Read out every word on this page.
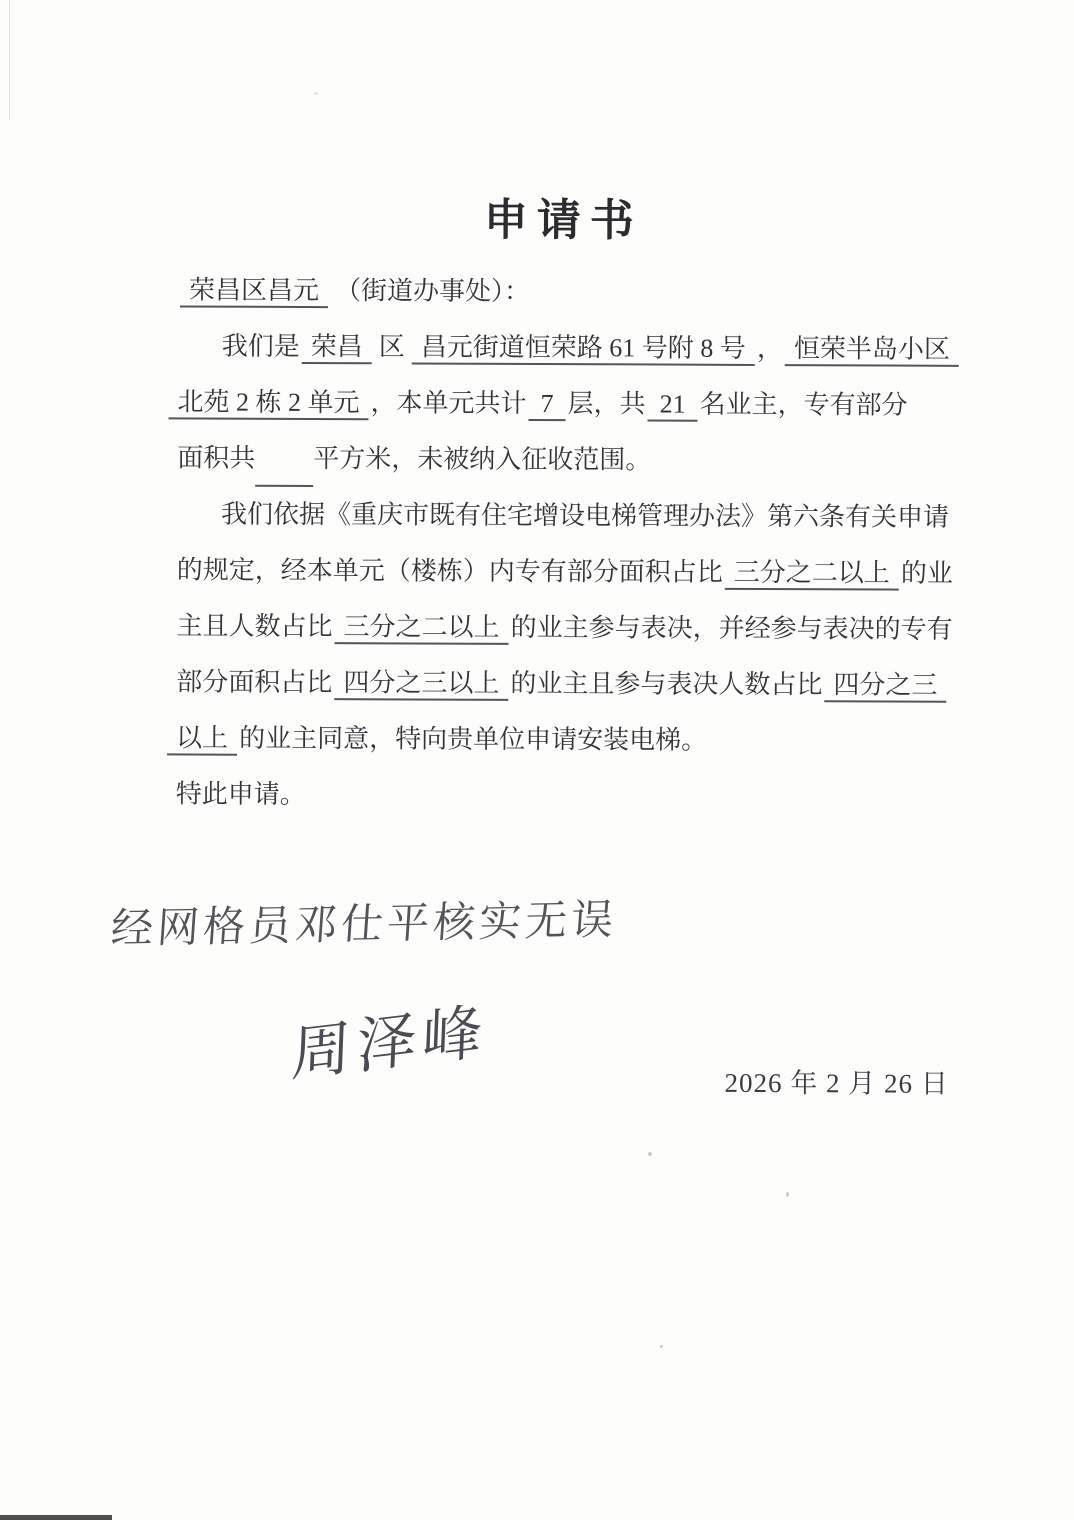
申请书
荣昌区昌元 （街道办事处）：
我们是 荣昌 区 昌元街道恒荣路 61 号附 8 号 ， 恒荣半岛小区
北苑 2 栋 2 单元 ，本单元共计 7 层，共 21 名业主，专有部分
面积共 平方米，未被纳入征收范围。
我们依据《重庆市既有住宅增设电梯管理办法》第六条有关申请
的规定，经本单元（楼栋）内专有部分面积占比 三分之二以上 的业
主且人数占比 三分之二以上 的业主参与表决，并经参与表决的专有
部分面积占比 四分之三以上 的业主且参与表决人数占比 四分之三
以上 的业主同意，特向贵单位申请安装电梯。
特此申请。
经网格员邓仕平核实无误
周泽峰	2026 年 2 月 26 日
